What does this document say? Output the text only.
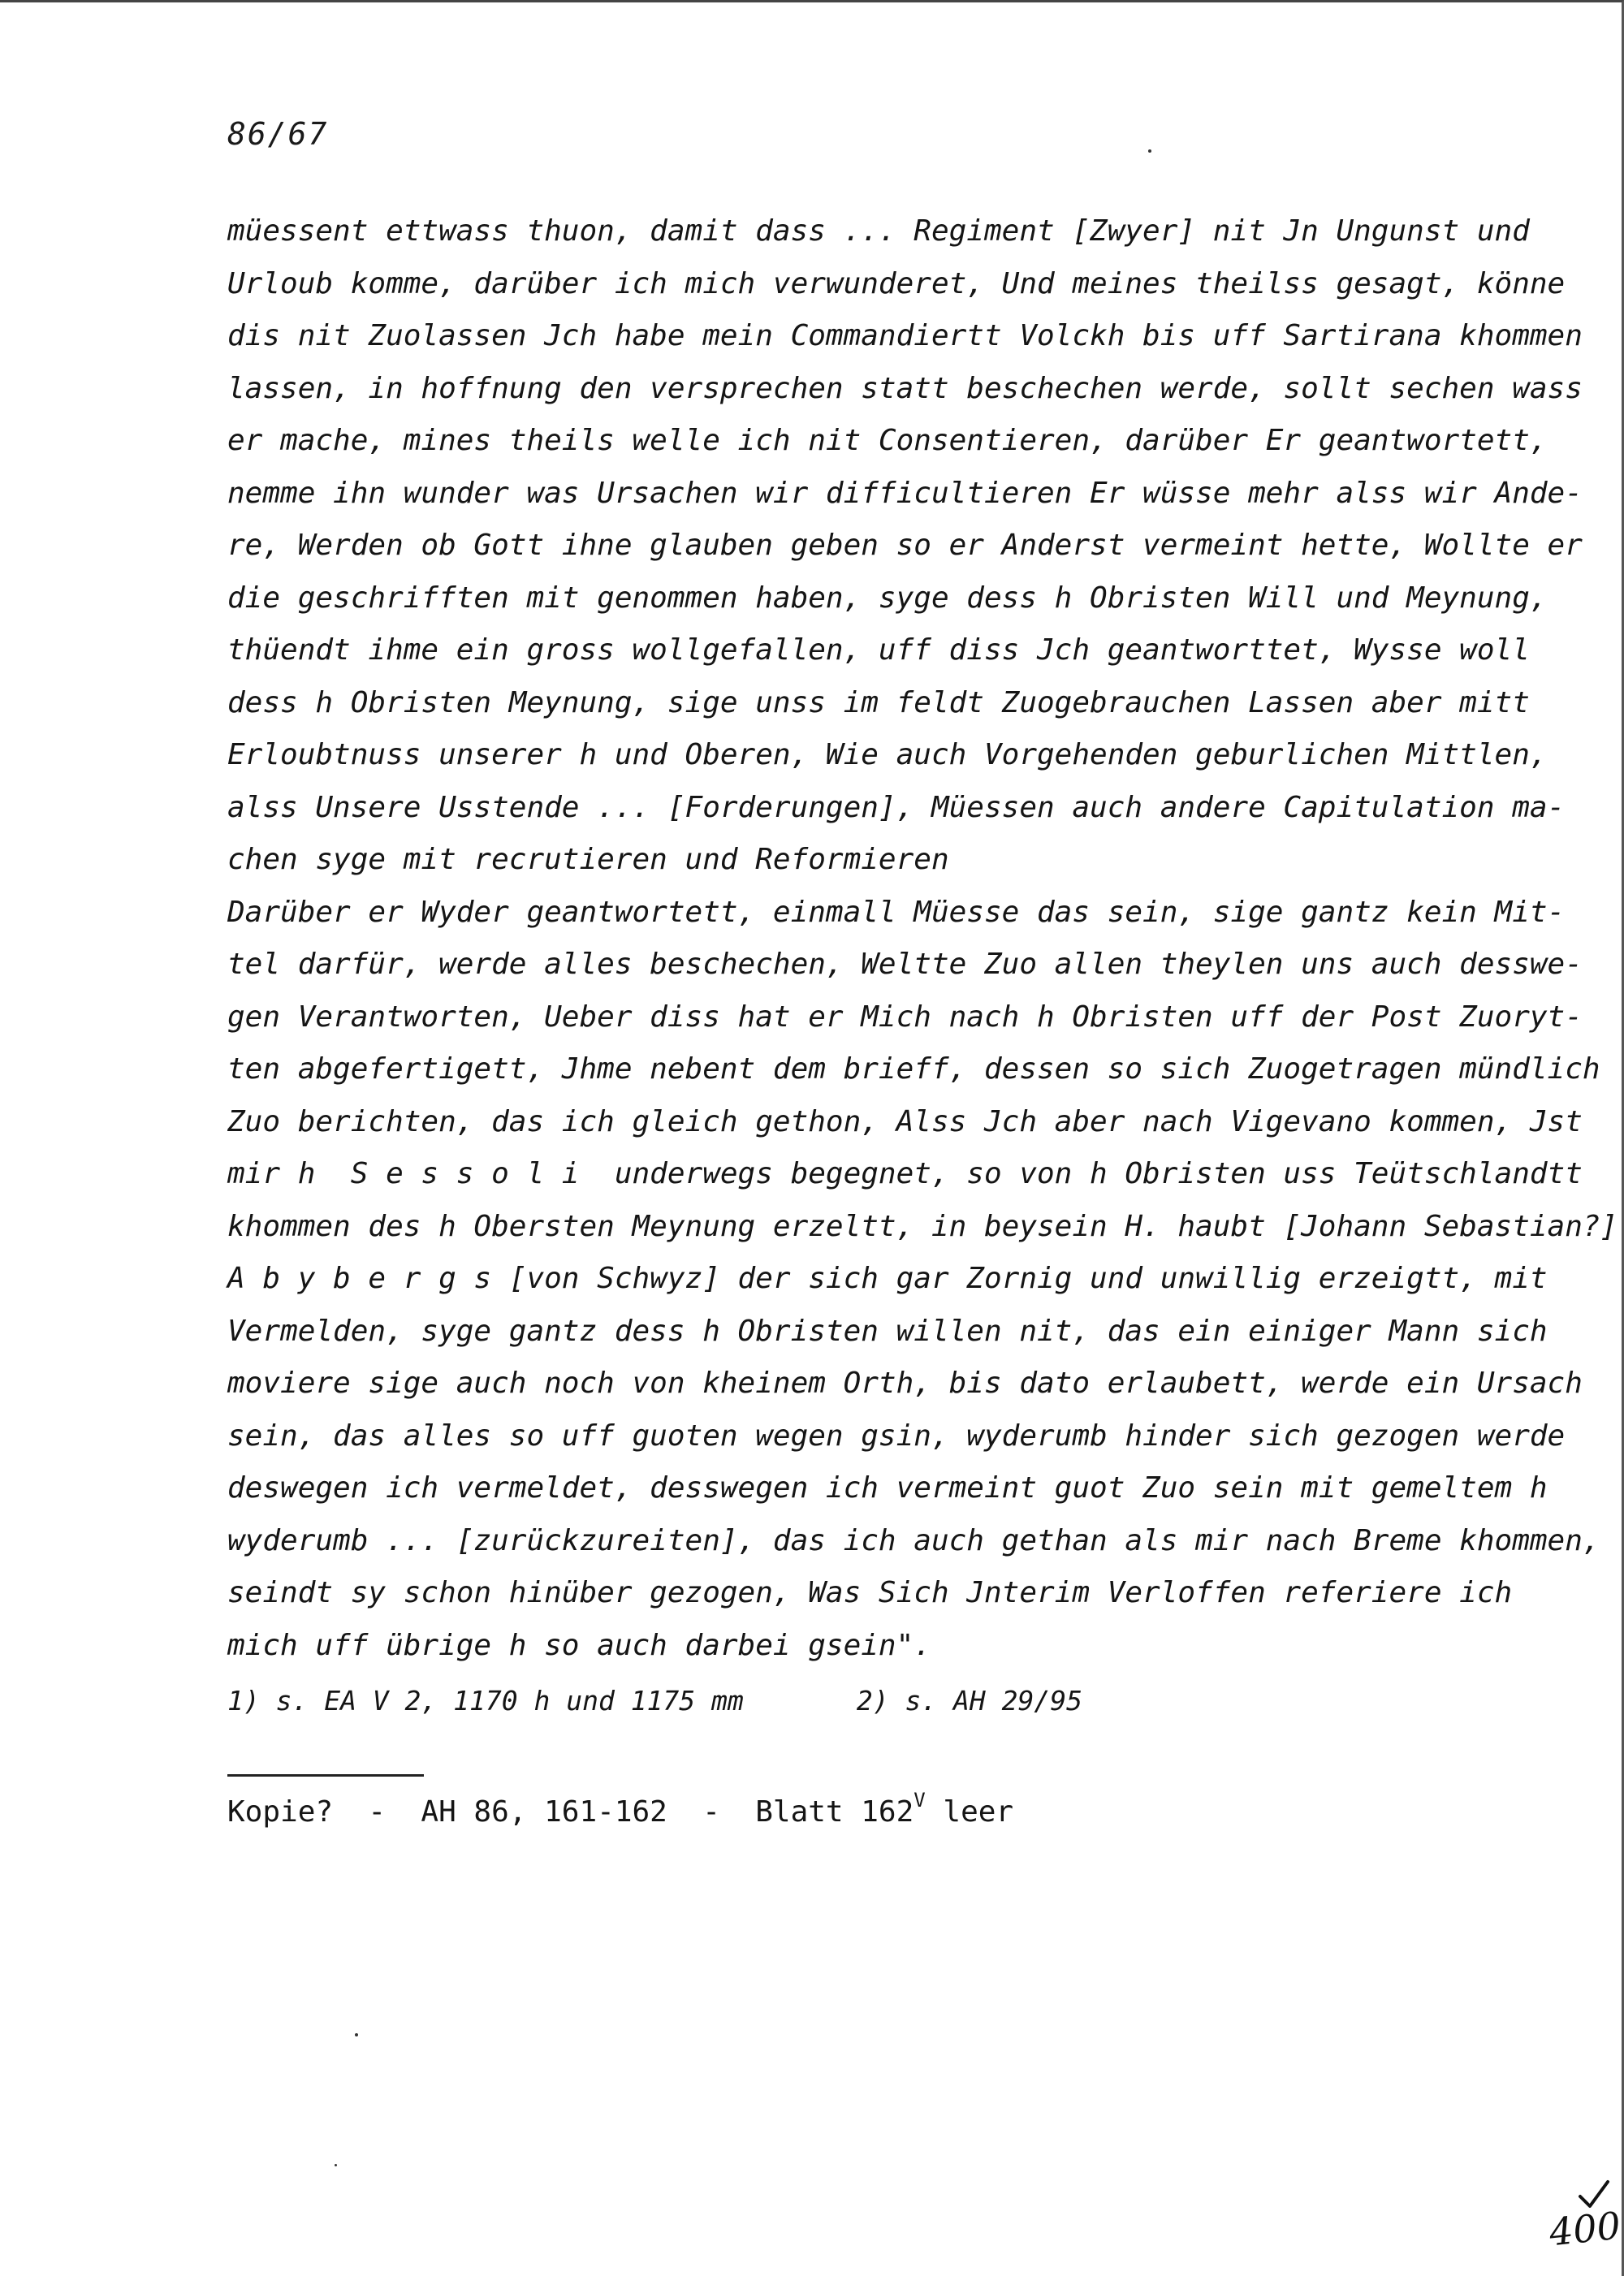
86/67
müessent ettwass thuon, damit dass ... Regiment [Zwyer] nit Jn Ungunst und
Urloub komme, darüber ich mich verwunderet, Und meines theilss gesagt, könne
dis nit Zuolassen Jch habe mein Commandiertt Volckh bis uff Sartirana khommen
lassen, in hoffnung den versprechen statt beschechen werde, sollt sechen wass
er mache, mines theils welle ich nit Consentieren, darüber Er geantwortett,
nemme ihn wunder was Ursachen wir difficultieren Er wüsse mehr alss wir Ande-
re, Werden ob Gott ihne glauben geben so er Anderst vermeint hette, Wollte er
die geschrifften mit genommen haben, syge dess h Obristen Will und Meynung,
thüendt ihme ein gross wollgefallen, uff diss Jch geantworttet, Wysse woll
dess h Obristen Meynung, sige unss im feldt Zuogebrauchen Lassen aber mitt
Erloubtnuss unserer h und Oberen, Wie auch Vorgehenden geburlichen Mittlen,
alss Unsere Usstende ... [Forderungen], Müessen auch andere Capitulation ma-
chen syge mit recrutieren und Reformieren
Darüber er Wyder geantwortett, einmall Müesse das sein, sige gantz kein Mit-
tel darfür, werde alles beschechen, Weltte Zuo allen theylen uns auch desswe-
gen Verantworten, Ueber diss hat er Mich nach h Obristen uff der Post Zuoryt-
ten abgefertigett, Jhme nebent dem brieff, dessen so sich Zuogetragen mündlich
Zuo berichten, das ich gleich gethon, Alss Jch aber nach Vigevano kommen, Jst
mir h  S e s s o l i  underwegs begegnet, so von h Obristen uss Teütschlandtt
khommen des h Obersten Meynung erzeltt, in beysein H. haubt [Johann Sebastian?]
A b y b e r g s [von Schwyz] der sich gar Zornig und unwillig erzeigtt, mit
Vermelden, syge gantz dess h Obristen willen nit, das ein einiger Mann sich
moviere sige auch noch von kheinem Orth, bis dato erlaubett, werde ein Ursach
sein, das alles so uff guoten wegen gsin, wyderumb hinder sich gezogen werde
deswegen ich vermeldet, desswegen ich vermeint guot Zuo sein mit gemeltem h
wyderumb ... [zurückzureiten], das ich auch gethan als mir nach Breme khommen,
seindt sy schon hinüber gezogen, Was Sich Jnterim Verloffen referiere ich
mich uff übrige h so auch darbei gsein".
1) s. EA V 2, 1170 h und 1175 mm       2) s. AH 29/95
Kopie?  -  AH 86, 161-162  -  Blatt $162^V$ leer
400
